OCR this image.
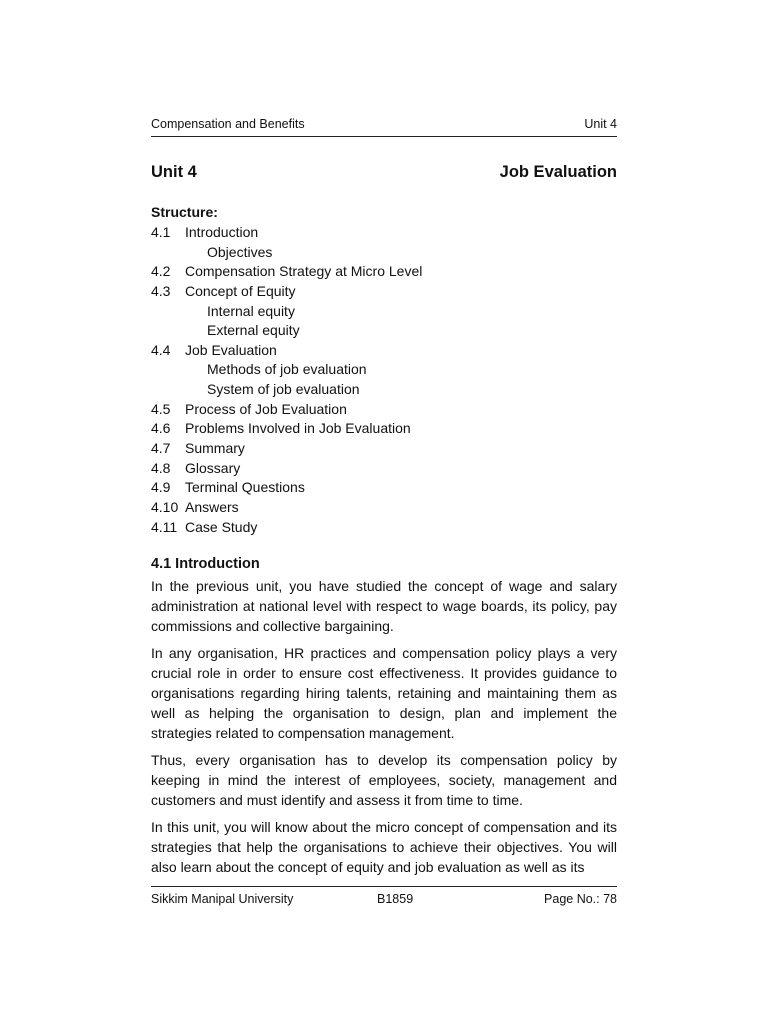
Compensation and Benefits	Unit 4
Unit 4	Job Evaluation
Structure:
4.1 Introduction
Objectives
4.2 Compensation Strategy at Micro Level
4.3 Concept of Equity
Internal equity
External equity
4.4 Job Evaluation
Methods of job evaluation
System of job evaluation
4.5 Process of Job Evaluation
4.6 Problems Involved in Job Evaluation
4.7 Summary
4.8 Glossary
4.9 Terminal Questions
4.10 Answers
4.11 Case Study
4.1 Introduction

In the previous unit, you have studied the concept of wage and salary administration at national level with respect to wage boards, its policy, pay commissions and collective bargaining.

In any organisation, HR practices and compensation policy plays a very crucial role in order to ensure cost effectiveness. It provides guidance to organisations regarding hiring talents, retaining and maintaining them as well as helping the organisation to design, plan and implement the strategies related to compensation management.

Thus, every organisation has to develop its compensation policy by keeping in mind the interest of employees, society, management and customers and must identify and assess it from time to time.

In this unit, you will know about the micro concept of compensation and its strategies that help the organisations to achieve their objectives. You will also learn about the concept of equity and job evaluation as well as its

Sikkim Manipal University	B1859	Page No.: 78
